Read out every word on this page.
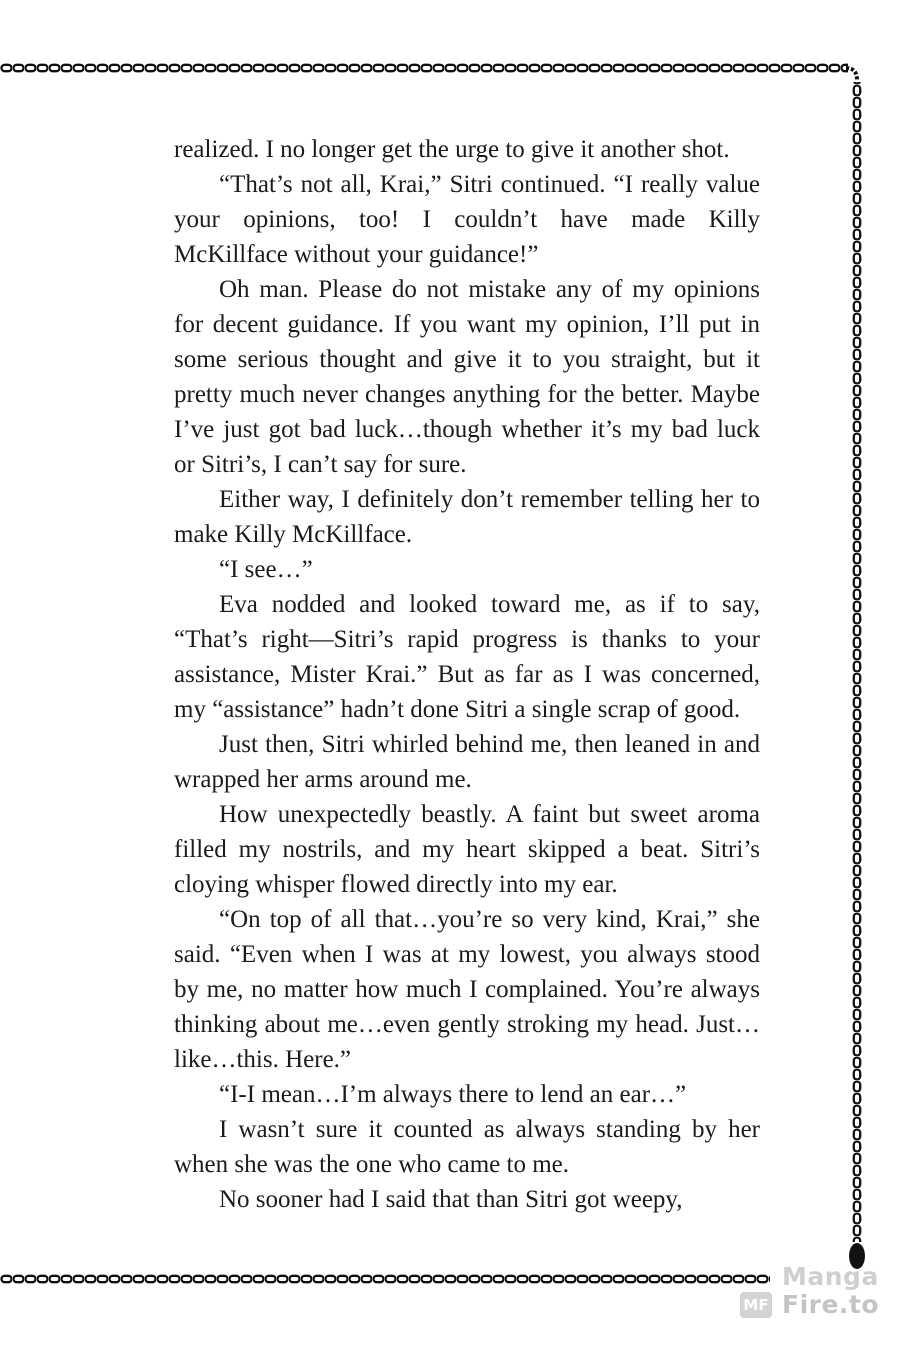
realized. I no longer get the urge to give it another shot.

“That’s not all, Krai,” Sitri continued. “I really value your opinions, too! I couldn’t have made Killy McKillface without your guidance!”

Oh man. Please do not mistake any of my opinions for decent guidance. If you want my opinion, I’ll put in some serious thought and give it to you straight, but it pretty much never changes anything for the better. Maybe I’ve just got bad luck…though whether it’s my bad luck or Sitri’s, I can’t say for sure.

Either way, I definitely don’t remember telling her to make Killy McKillface.

“I see…”

Eva nodded and looked toward me, as if to say, “That’s right—Sitri’s rapid progress is thanks to your assistance, Mister Krai.” But as far as I was concerned, my “assistance” hadn’t done Sitri a single scrap of good.

Just then, Sitri whirled behind me, then leaned in and wrapped her arms around me.

How unexpectedly beastly. A faint but sweet aroma filled my nostrils, and my heart skipped a beat. Sitri’s cloying whisper flowed directly into my ear.

“On top of all that…you’re so very kind, Krai,” she said. “Even when I was at my lowest, you always stood by me, no matter how much I complained. You’re always thinking about me…even gently stroking my head. Just…like…this. Here.”

“I-I mean…I’m always there to lend an ear…”

I wasn’t sure it counted as always standing by her when she was the one who came to me.

No sooner had I said that than Sitri got weepy,

MF
Manga
Fire.to
